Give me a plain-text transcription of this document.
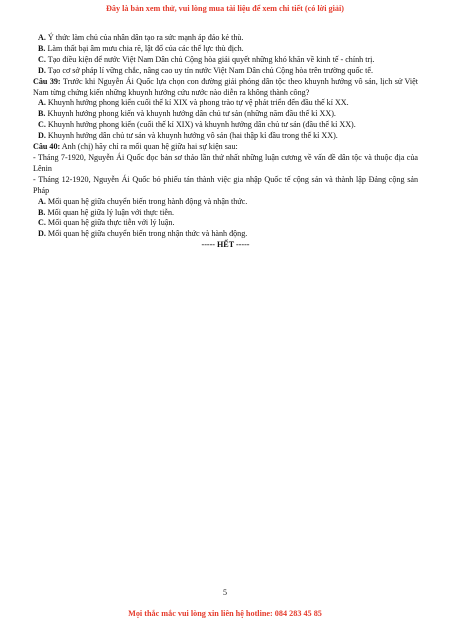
Đây là bản xem thử, vui lòng mua tài liệu để xem chi tiết (có lời giải)
A. Ý thức làm chủ của nhân dân tạo ra sức mạnh áp đảo kẻ thù.
B. Làm thất bại âm mưu chia rẽ, lật đổ của các thế lực thù địch.
C. Tạo điều kiện để nước Việt Nam Dân chủ Cộng hòa giải quyết những khó khăn về kinh tế - chính trị.
D. Tạo cơ sở pháp lí vững chắc, nâng cao uy tín nước Việt Nam Dân chủ Cộng hòa trên trường quốc tế.
Câu 39: Trước khi Nguyễn Ái Quốc lựa chọn con đường giải phóng dân tộc theo khuynh hướng vô sản, lịch sử Việt Nam từng chứng kiến những khuynh hướng cứu nước nào diễn ra không thành công?
A. Khuynh hướng phong kiến cuối thế kỉ XIX và phong trào tự vệ phát triển đến đầu thế kỉ XX.
B. Khuynh hướng phong kiến và khuynh hướng dân chủ tư sản (những năm đầu thế kỉ XX).
C. Khuynh hướng phong kiến (cuối thế kỉ XIX) và khuynh hướng dân chủ tư sản (đầu thế kỉ XX).
D. Khuynh hướng dân chủ tư sản và khuynh hướng vô sản (hai thập kỉ đầu trong thế kỉ XX).
Câu 40: Anh (chị) hãy chỉ ra mối quan hệ giữa hai sự kiện sau:
- Tháng 7-1920, Nguyễn Ái Quốc đọc bản sơ thảo lần thứ nhất những luận cương về vấn đề dân tộc và thuộc địa của Lênin
- Tháng 12-1920, Nguyễn Ái Quốc bỏ phiếu tán thành việc gia nhập Quốc tế cộng sản và thành lập Đảng cộng sản Pháp
A. Mối quan hệ giữa chuyển biến trong hành động và nhận thức.
B. Mối quan hệ giữa lý luận với thực tiễn.
C. Mối quan hệ giữa thực tiễn với lý luận.
D. Mối quan hệ giữa chuyển biến trong nhận thức và hành động.
----- HẾT -----
5
Mọi thắc mắc vui lòng xin liên hệ hotline: 084 283 45 85
